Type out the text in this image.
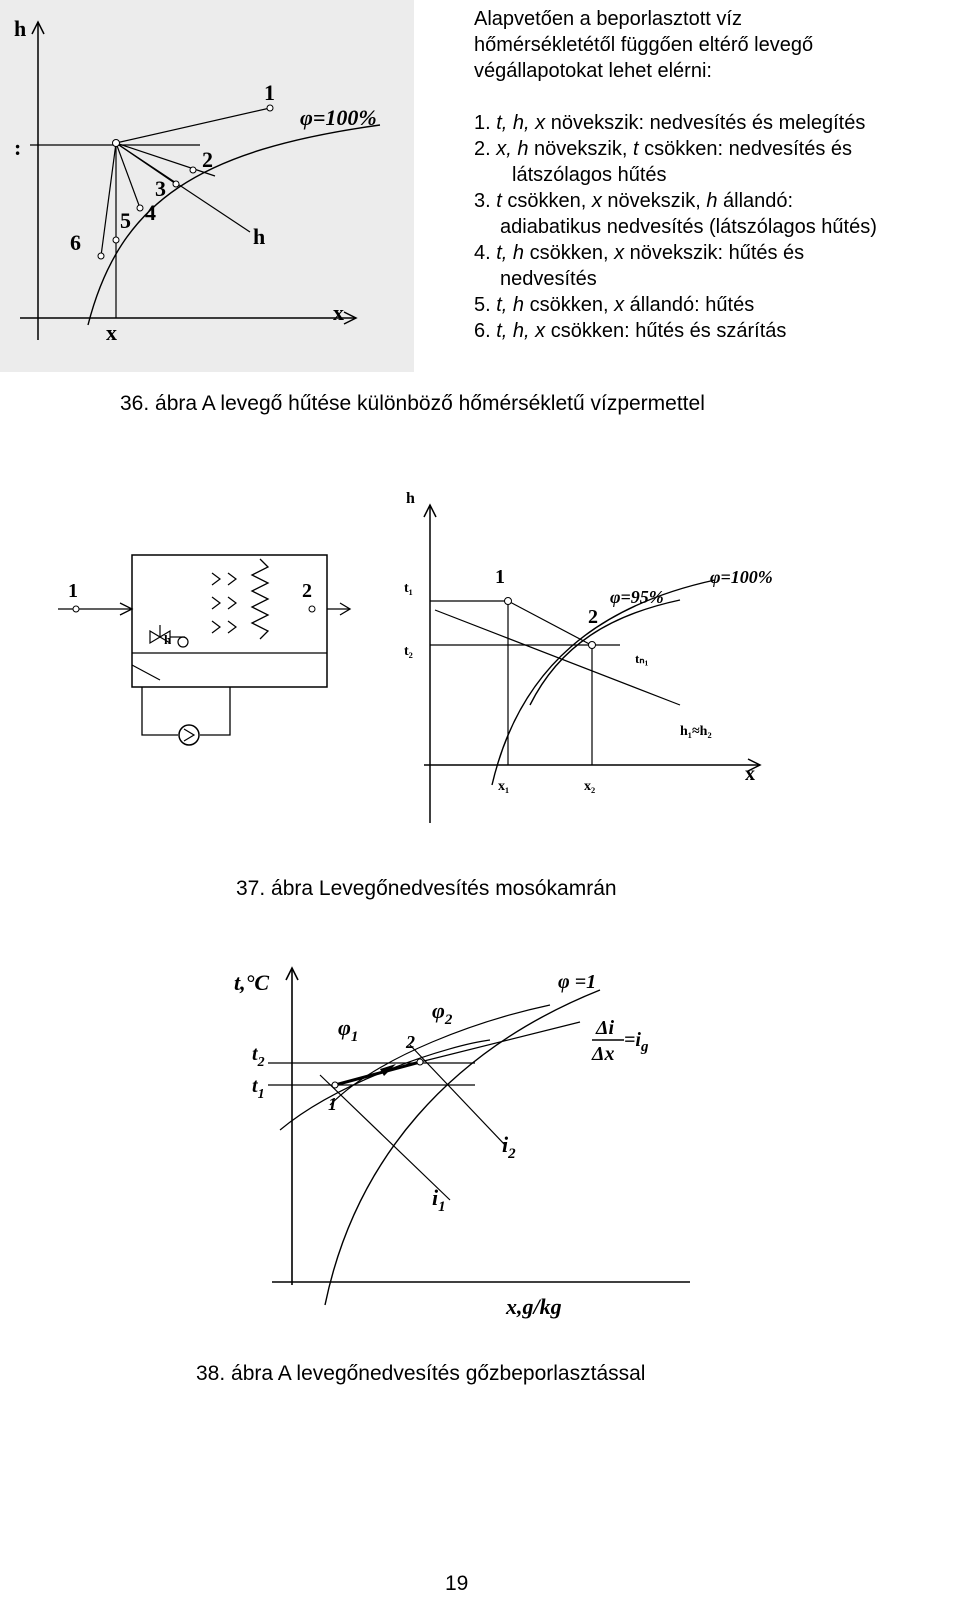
h
:
1
φ=100%
2
3
4
5
6	h
x
x
Alapvetően a beporlasztott víz
hőmérsékletétől függően eltérő levegő
végállapotokat lehet elérni:
1. t, h, x növekszik: nedvesítés és melegítés
2. x, h növekszik, t csökken: nedvesítés és
látszólagos hűtés
3. t csökken, x növekszik, h állandó:
adiabatikus nedvesítés (látszólagos hűtés)
4. t, h csökken, x növekszik: hűtés és
nedvesítés
5. t, h csökken, x állandó: hűtés
6. t, h, x csökken: hűtés és szárítás
36. ábra A levegő hűtése különböző hőmérsékletű vízpermettel
1	2
h
h
x
t₁
t₂
1
2
φ=95%
φ=100%
tₙ₁
h₁≈h₂
x₁	x₂
37. ábra Levegőnedvesítés mosókamrán
t,°C
$t_2$
$t_1$
$\varphi_1$
$\varphi_2$
φ =1
1
2
$i_1$
$i_2$
Δi
Δx
$=i_g$
x,g/kg
38. ábra A levegőnedvesítés gőzbeporlasztással
19
